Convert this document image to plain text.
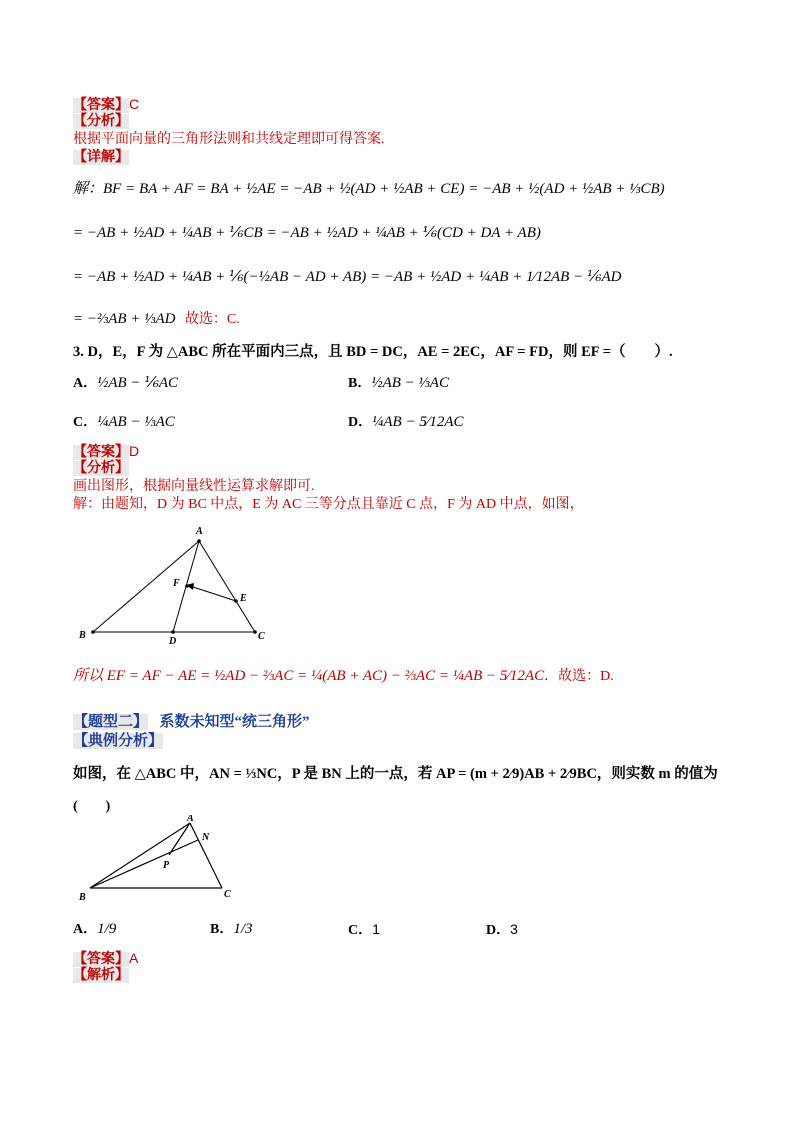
【答案】C
【分析】
根据平面向量的三角形法则和共线定理即可得答案.
【详解】
解：BF = BA + AF = BA + ½AE = −AB + ½(AD + ½AB + CE) = −AB + ½(AD + ½AB + ⅓CB)
= −AB + ½AD + ¼AB + ⅙CB = −AB + ½AD + ¼AB + ⅙(CD + DA + AB)
= −AB + ½AD + ¼AB + ⅙(−½AB − AD + AB) = −AB + ½AD + ¼AB + 1⁄12AB − ⅙AD
= −⅔AB + ⅓AD 故选：C.
3. D，E，F 为 △ABC 所在平面内三点，且 BD = DC，AE = 2EC，AF = FD，则 EF =（　　）.
A．½AB − ⅙AC	B．½AB − ⅓AC
C．¼AB − ⅓AC	D．¼AB − 5⁄12AC
【答案】D
【分析】
画出图形，根据向量线性运算求解即可.
解：由题知，D 为 BC 中点，E 为 AC 三等分点且靠近 C 点，F 为 AD 中点，如图，
A
B	C
D
E
F
所以 EF = AF − AE = ½AD − ⅔AC = ¼(AB + AC) − ⅔AC = ¼AB − 5⁄12AC．故选：D.
【题型二】 系数未知型“统三角形”
【典例分析】
如图，在 △ABC 中，AN = ⅓NC，P 是 BN 上的一点，若 AP = (m + 2⁄9)AB + 2⁄9BC，则实数 m 的值为
(　　)
A
N
P
B	C
A．1/9	B．1/3	C．1	D．3
【答案】A
【解析】
